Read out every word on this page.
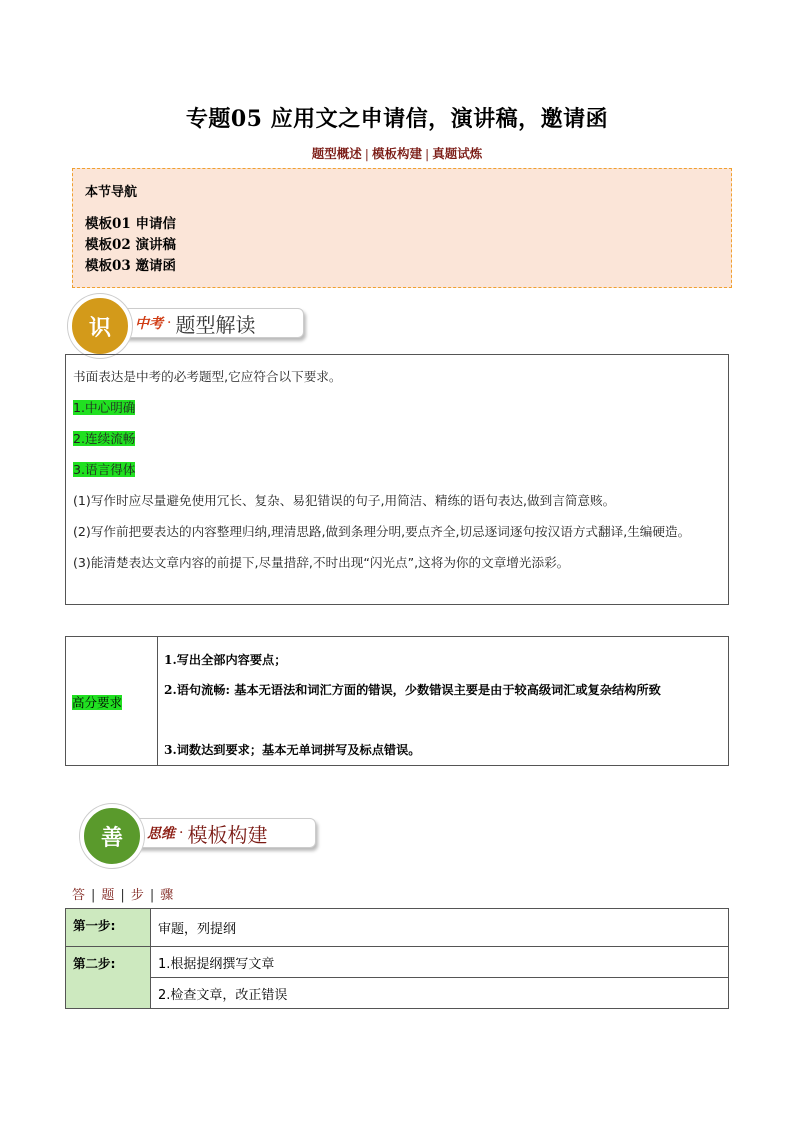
专题05 应用文之申请信，演讲稿，邀请函
题型概述 | 模板构建 | 真题试炼
本节导航
模板01 申请信
模板02 演讲稿
模板03 邀请函
中考 · 题型解读
识

书面表达是中考的必考题型,它应符合以下要求。

1.中心明确

2.连续流畅

3.语言得体

(1)写作时应尽量避免使用冗长、复杂、易犯错误的句子,用简洁、精练的语句表达,做到言简意赅。

(2)写作前把要表达的内容整理归纳,理清思路,做到条理分明,要点齐全,切忌逐词逐句按汉语方式翻译,生编硬造。

(3)能清楚表达文章内容的前提下,尽量措辞,不时出现“闪光点”,这将为你的文章增光添彩。

高分要求	
1.写出全部内容要点；
2.语句流畅: 基本无语法和词汇方面的错误，少数错误主要是由于较高级词汇或复杂结构所致
3.词数达到要求；基本无单词拼写及标点错误。
思维 · 模板构建
善
答 | 题 | 步 | 骤
第一步:	审题，列提纲
第二步:	1.根据提纲撰写文章
	2.检查文章，改正错误
